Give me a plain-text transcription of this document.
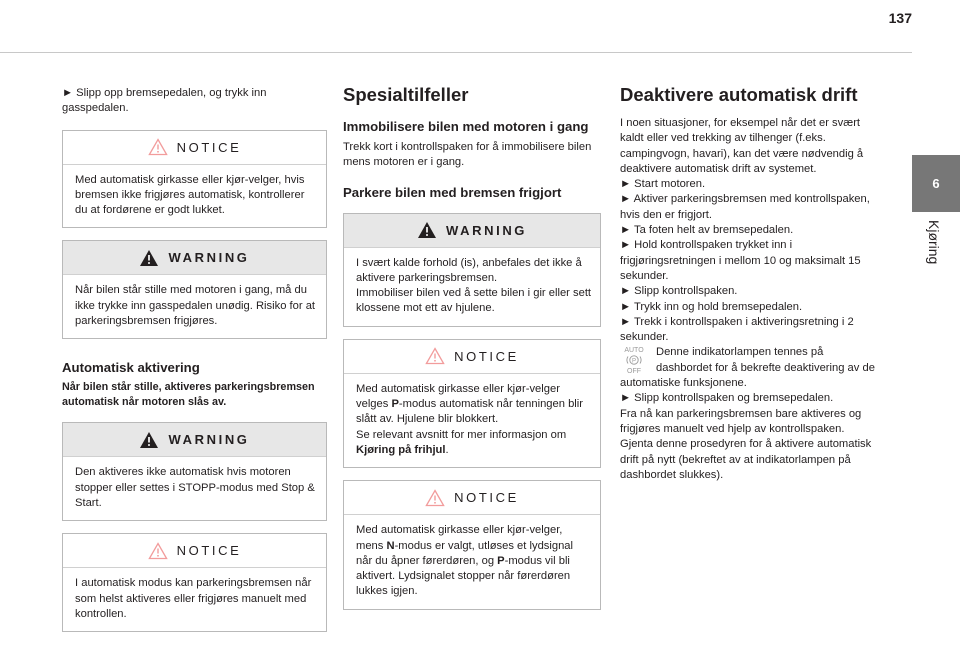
137
6
Kjøring

► Slipp opp bremsepedalen, og trykk inn gasspedalen.

NOTICE

Med automatisk girkasse eller kjør-velger, hvis bremsen ikke frigjøres automatisk, kontrollerer du at fordørene er godt lukket.

WARNING

Når bilen står stille med motoren i gang, må du ikke trykke inn gasspedalen unødig. Risiko for at parkeringsbremsen frigjøres.

Automatisk aktivering
Når bilen står stille, aktiveres parkeringsbremsen automatisk når motoren slås av.
WARNING

Den aktiveres ikke automatisk hvis motoren stopper eller settes i STOPP-modus med Stop & Start.

NOTICE

I automatisk modus kan parkeringsbremsen når som helst aktiveres eller frigjøres manuelt med kontrollen.

Spesialtilfeller
Immobilisere bilen med motoren i gang

Trekk kort i kontrollspaken for å immobilisere bilen mens motoren er i gang.

Parkere bilen med bremsen frigjort
WARNING

I svært kalde forhold (is), anbefales det ikke å aktivere parkeringsbremsen.

Immobiliser bilen ved å sette bilen i gir eller sett klossene mot ett av hjulene.

NOTICE

Med automatisk girkasse eller kjør-velger velges P-modus automatisk når tenningen blir slått av. Hjulene blir blokkert.

Se relevant avsnitt for mer informasjon om Kjøring på frihjul.

NOTICE

Med automatisk girkasse eller kjør-velger, mens N-modus er valgt, utløses et lydsignal når du åpner førerdøren, og P-modus vil bli aktivert. Lydsignalet stopper når førerdøren lukkes igjen.

Deaktivere automatisk drift

I noen situasjoner, for eksempel når det er svært kaldt eller ved trekking av tilhenger (f.eks. campingvogn, havari), kan det være nødvendig å deaktivere automatisk drift av systemet.

► Start motoren.

► Aktiver parkeringsbremsen med kontrollspaken, hvis den er frigjort.

► Ta foten helt av bremsepedalen.

► Hold kontrollspaken trykket inn i frigjøringsretningen i mellom 10 og maksimalt 15 sekunder.

► Slipp kontrollspaken.

► Trykk inn og hold bremsepedalen.

► Trekk i kontrollspaken i aktiveringsretning i 2 sekunder.

AUTO
P
OFF
Denne indikatorlampen tennes på dashbordet for å bekrefte deaktivering av de automatiske funksjonene.

► Slipp kontrollspaken og bremsepedalen.

Fra nå kan parkeringsbremsen bare aktiveres og frigjøres manuelt ved hjelp av kontrollspaken.

Gjenta denne prosedyren for å aktivere automatisk drift på nytt (bekreftet av at indikatorlampen på dashbordet slukkes).
